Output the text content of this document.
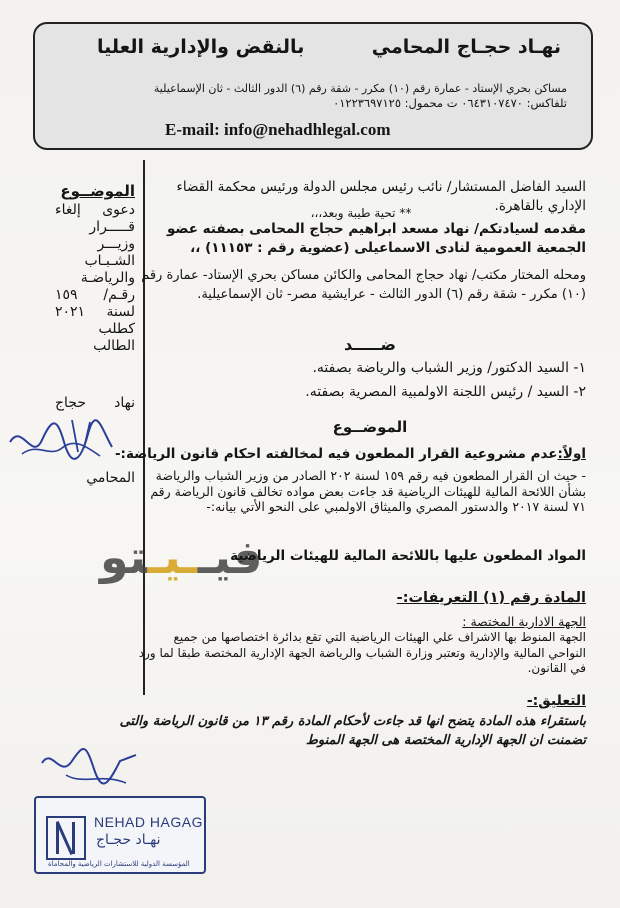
نهـاد حجـاج المحامي
بالنقض والإدارية العليا
مساكن بحري الإستاد - عمارة رقم (١٠) مكرر - شقة رقم (٦) الدور الثالث - ثان الإسماعيلية
تلفاكس: ٠٦٤٣١٠٧٤٧٠ ت محمول: ٠١٢٢٣٦٩٧١٢٥
E-mail: info@nehadhlegal.com
الموضــوع
دعوى إلغاء
قـــــرار
وزيـــر
الشـبـاب
والرياضـة
رقـم/ ١٥٩
لسنة ٢٠٢١
كطلب الطالب
نهاد حجاج
المحامي
السيد الفاضل المستشار/ نائب رئيس مجلس الدولة ورئيس محكمة القضاء الإداري بالقاهرة.
** تحية طيبة وبعد،،،
مقدمه لسيادتكم/ نهاد مسعد ابراهيم حجاج المحامى بصفته عضو الجمعية العمومية لنادى الاسماعيلى (عضوية رقم : ١١١٥٣) ،،
ومحله المختار مكتب/ نهاد حجاج المحامى والكائن مساكن بحري الإستاد- عمارة رقم (١٠) مكرر - شقة رقم (٦) الدور الثالث - عرايشية مصر- ثان الإسماعيلية.
ضـــــد
١- السيد الدكتور/ وزير الشباب والرياضة بصفته.
٢- السيد / رئيس اللجنة الاولمبية المصرية بصفته.
الموضــوع
اولاً:عدم مشروعية القرار المطعون فيه لمخالفته احكام قانون الرياضة:-
- حيث ان القرار المطعون فيه رقم ١٥٩ لسنة ٢٠٢ الصادر من وزير الشباب والرياضة بشأن اللائحة المالية للهيئات الرياضية قد جاءت بعض مواده تخالف قانون الرياضة رقم ٧١ لسنة ٢٠١٧ والدستور المصري والميثاق الاولمبي على النحو الأتي بيانه:-
فيــيـتو	المواد المطعون عليها باللائحة المالية للهيئات الرياضية
المادة رقم (١) التعريفات:-
الجهة الادارية المختصة :
الجهة المنوط بها الاشراف علي الهيئات الرياضية التي تقع بدائرة اختصاصها من جميع النواحي المالية والإدارية وتعتبر وزارة الشباب والرياضة الجهة الإدارية المختصة طبقا لما ورد في القانون.
التعليق:-
باستقراء هذه المادة يتضح انها قد جاءت لأحكام المادة رقم ١٣ من قانون الرياضة والتى تضمنت ان الجهة الإدارية المختصة هى الجهة المنوط
NEHAD HAGAG
نهـاد حجـاج
المؤسسة الدولية للاستشارات الرياضية والمحاماة
